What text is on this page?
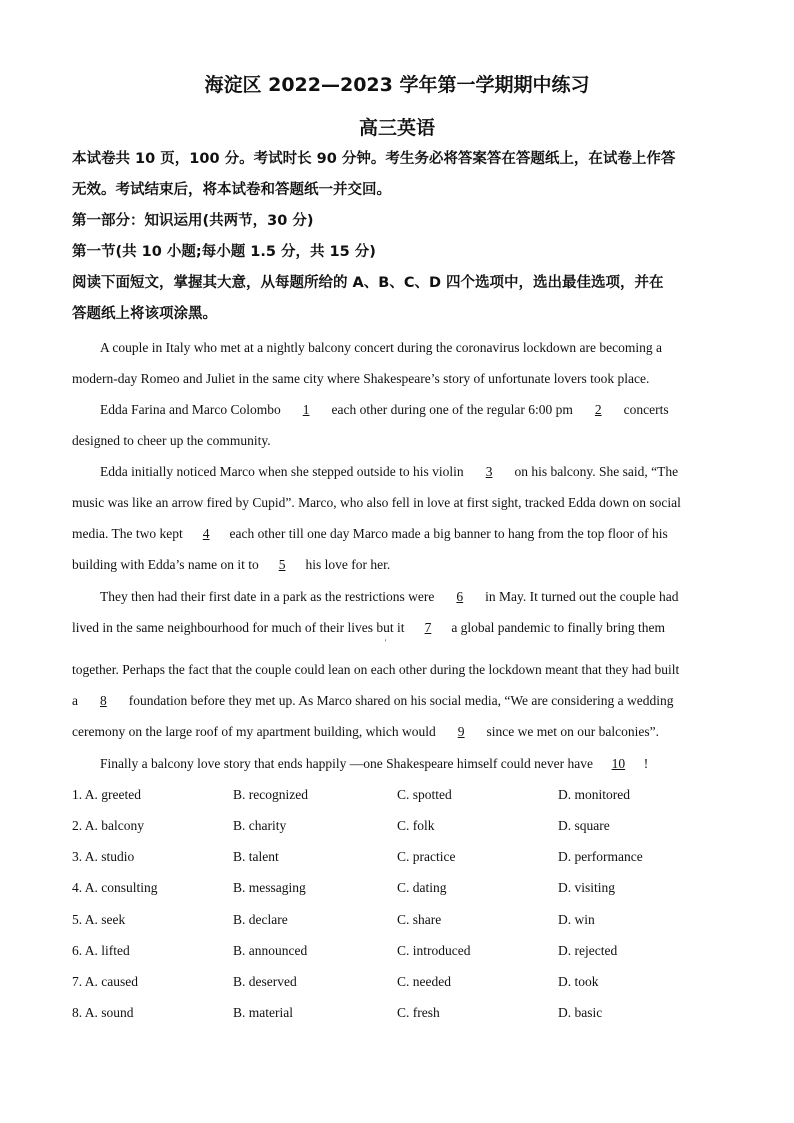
海淀区 2022—2023 学年第一学期期中练习
高三英语
本试卷共 10 页，100 分。考试时长 90 分钟。考生务必将答案答在答题纸上，在试卷上作答
无效。考试结束后，将本试卷和答题纸一并交回。
第一部分：知识运用(共两节，30 分)
第一节(共 10 小题;每小题 1.5 分，共 15 分)
阅读下面短文，掌握其大意，从每题所给的 A、B、C、D 四个选项中，选出最佳选项，并在
答题纸上将该项涂黑。
A couple in Italy who met at a nightly balcony concert during the coronavirus lockdown are becoming a
modern-day Romeo and Juliet in the same city where Shakespeare’s story of unfortunate lovers took place.
Edda Farina and Marco Colombo 1 each other during one of the regular 6:00 pm 2 concerts
designed to cheer up the community.
Edda initially noticed Marco when she stepped outside to his violin 3 on his balcony. She said, “The
music was like an arrow fired by Cupid”. Marco, who also fell in love at first sight, tracked Edda down on social
media. The two kept 4 each other till one day Marco made a big banner to hang from the top floor of his
building with Edda’s name on it to 5 his love for her.
They then had their first date in a park as the restrictions were 6 in May. It turned out the couple had
lived in the same neighbourhood for much of their lives but it 7 a global pandemic to finally bring them
'
together. Perhaps the fact that the couple could lean on each other during the lockdown meant that they had built
a 8 foundation before they met up. As Marco shared on his social media, “We are considering a wedding
ceremony on the large roof of my apartment building, which would 9 since we met on our balconies”.
Finally a balcony love story that ends happily —one Shakespeare himself could never have 10 !
1. A. greeted	B. recognized	C. spotted	D. monitored
2. A. balcony	B. charity	C. folk	D. square
3. A. studio	B. talent	C. practice	D. performance
4. A. consulting	B. messaging	C. dating	D. visiting
5. A. seek	B. declare	C. share	D. win
6. A. lifted	B. announced	C. introduced	D. rejected
7. A. caused	B. deserved	C. needed	D. took
8. A. sound	B. material	C. fresh	D. basic
